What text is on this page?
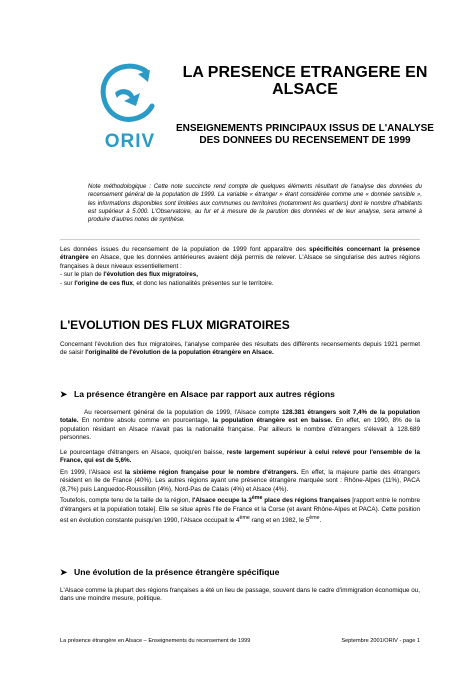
ORIV
LA PRESENCE ETRANGERE EN ALSACE
ENSEIGNEMENTS PRINCIPAUX ISSUS DE L'ANALYSE DES DONNEES DU RECENSEMENT DE 1999
Note méthodologique : Cette note succincte rend compte de quelques éléments résultant de l'analyse des données du recensement général de la population de 1999. La variable « étranger » étant considérée comme une « donnée sensible », les informations disponibles sont limitées aux communes ou territoires (notamment les quartiers) dont le nombre d'habitants est supérieur à 5.000. L'Observatoire, au fur et à mesure de la parution des données et de leur analyse, sera amené à produire d'autres notes de synthèse.

Les données issues du recensement de la population de 1999 font apparaître des spécificités concernant la présence étrangère en Alsace, que les données antérieures avaient déjà permis de relever. L'Alsace se singularise des autres régions françaises à deux niveaux essentiellement :

- sur le plan de l'évolution des flux migratoires,

- sur l'origine de ces flux, et donc les nationalités présentes sur le territoire.

L'EVOLUTION DES FLUX MIGRATOIRES

Concernant l'évolution des flux migratoires, l'analyse comparée des résultats des différents recensements depuis 1921 permet de saisir l'originalité de l'évolution de la population étrangère en Alsace.

➤ La présence étrangère en Alsace par rapport aux autres régions

Au recensement général de la population de 1999, l'Alsace compte 128.381 étrangers soit 7,4% de la population totale. En nombre absolu comme en pourcentage, la population étrangère est en baisse. En effet, en 1990, 8% de la population résidant en Alsace n'avait pas la nationalité française. Par ailleurs le nombre d'étrangers s'élevait à 128.689 personnes.

Le pourcentage d'étrangers en Alsace, quoiqu'en baisse, reste largement supérieur à celui relevé pour l'ensemble de la France, qui est de 5,6%.

En 1999, l'Alsace est la sixième région française pour le nombre d'étrangers. En effet, la majeure partie des étrangers résident en Ile de France (40%). Les autres régions ayant une présence étrangère marquée sont : Rhône-Alpes (11%), PACA (8,7%) puis Languedoc-Roussillon (4%), Nord-Pas de Calais (4%) et Alsace (4%).

Toutefois, compte tenu de la taille de la région, l'Alsace occupe la 3ème place des régions françaises [rapport entre le nombre d'étrangers et la population totale]. Elle se situe après l'Ile de France et la Corse (et avant Rhône-Alpes et PACA). Cette position est en évolution constante puisqu'en 1990, l'Alsace occupait le 4ème rang et en 1982, le 5ème.

➤ Une évolution de la présence étrangère spécifique

L'Alsace comme la plupart des régions françaises a été un lieu de passage, souvent dans le cadre d'immigration économique ou, dans une moindre mesure, politique.

La présence étrangère en Alsace – Enseignements du recensement de 1999	Septembre 2001/ORIV - page 1
